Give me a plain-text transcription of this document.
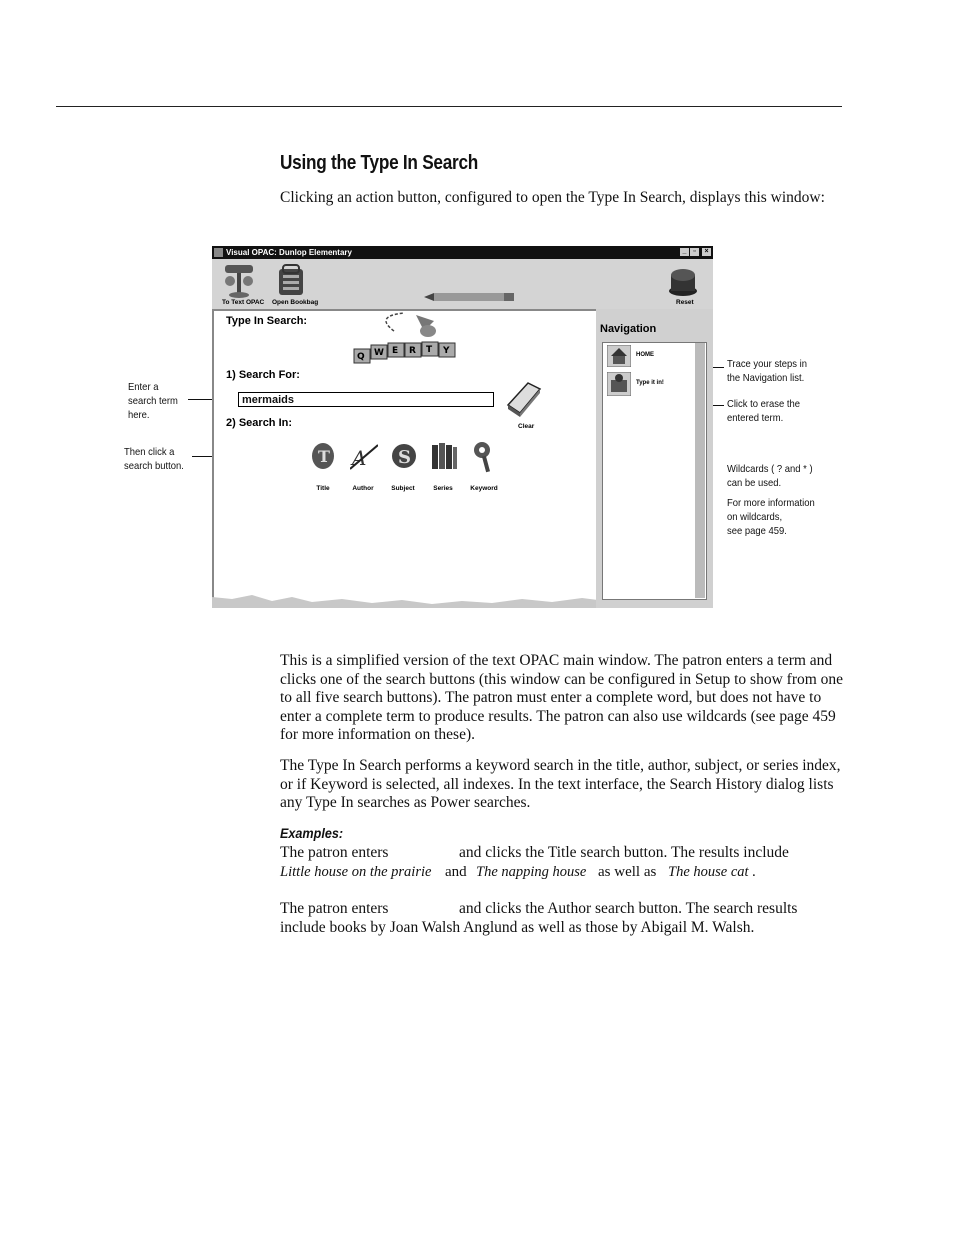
Using the Type In Search
Clicking an action button, configured to open the Type In Search, displays this window:
Enter a
search term
here.
Then click a
search button.
Trace your steps in
the Navigation list.
Click to erase the
entered term.
Wildcards ( ? and * )
can be used.
For more information
on wildcards,
see page 459.
Visual OPAC: Dunlop Elementary	_ ▫	×
To Text OPAC Open Bookbag	Reset
Type In Search:
Q W E R T Y
1) Search For:
mermaids
Clear
2) Search In:
T
Title
A
Author
S
Subject	Series	Keyword
Navigation
HOME
Type it in!
This is a simplified version of the text OPAC main window. The patron enters a term and clicks one of the search buttons (this window can be configured in Setup to show from one to all five search buttons). The patron must enter a complete word, but does not have to enter a complete term to produce results. The patron can also use wildcards (see page 459 for more information on these).
The Type In Search performs a keyword search in the title, author, subject, or series index, or if Keyword is selected, all indexes. In the text interface, the Search History dialog lists any Type In searches as Power searches.
Examples:
The patron enters	and clicks the Title search button. The results include
Little house on the prairie and The napping house as well as The house cat .
The patron enters	and clicks the Author search button. The search results
include books by Joan Walsh Anglund as well as those by Abigail M. Walsh.
